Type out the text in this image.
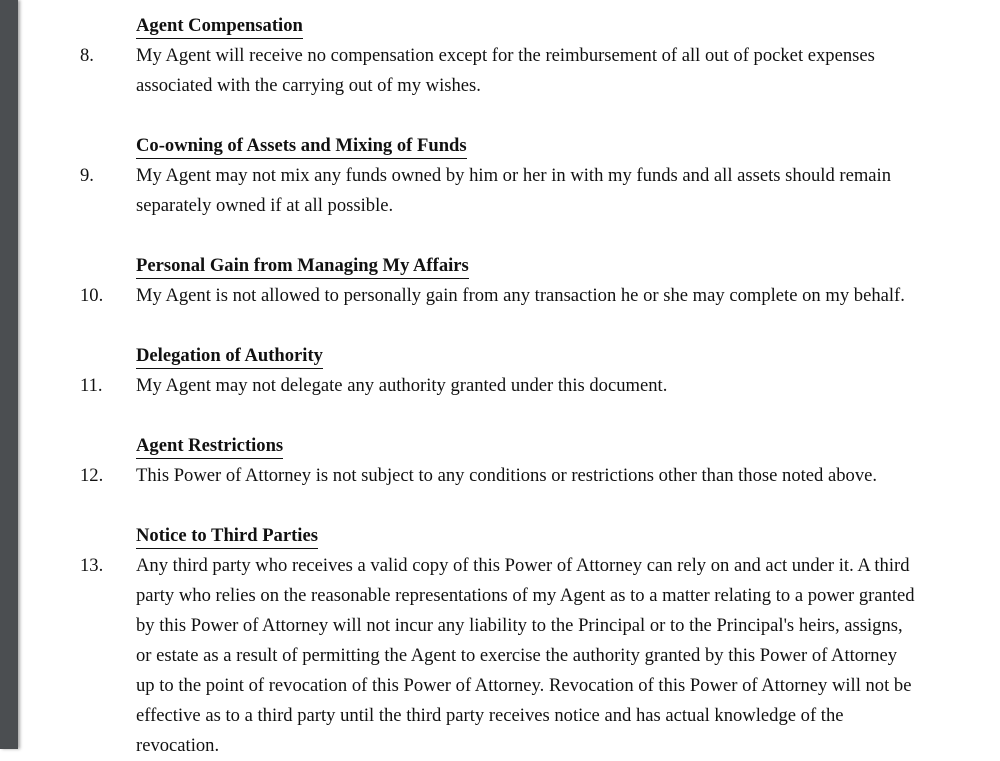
Agent Compensation
8. My Agent will receive no compensation except for the reimbursement of all out of pocket expenses
associated with the carrying out of my wishes.
Co-owning of Assets and Mixing of Funds
9. My Agent may not mix any funds owned by him or her in with my funds and all assets should remain
separately owned if at all possible.
Personal Gain from Managing My Affairs
10. My Agent is not allowed to personally gain from any transaction he or she may complete on my behalf.
Delegation of Authority
11. My Agent may not delegate any authority granted under this document.
Agent Restrictions
12. This Power of Attorney is not subject to any conditions or restrictions other than those noted above.
Notice to Third Parties
13. Any third party who receives a valid copy of this Power of Attorney can rely on and act under it. A third
party who relies on the reasonable representations of my Agent as to a matter relating to a power granted
by this Power of Attorney will not incur any liability to the Principal or to the Principal's heirs, assigns,
or estate as a result of permitting the Agent to exercise the authority granted by this Power of Attorney
up to the point of revocation of this Power of Attorney. Revocation of this Power of Attorney will not be
effective as to a third party until the third party receives notice and has actual knowledge of the
revocation.
